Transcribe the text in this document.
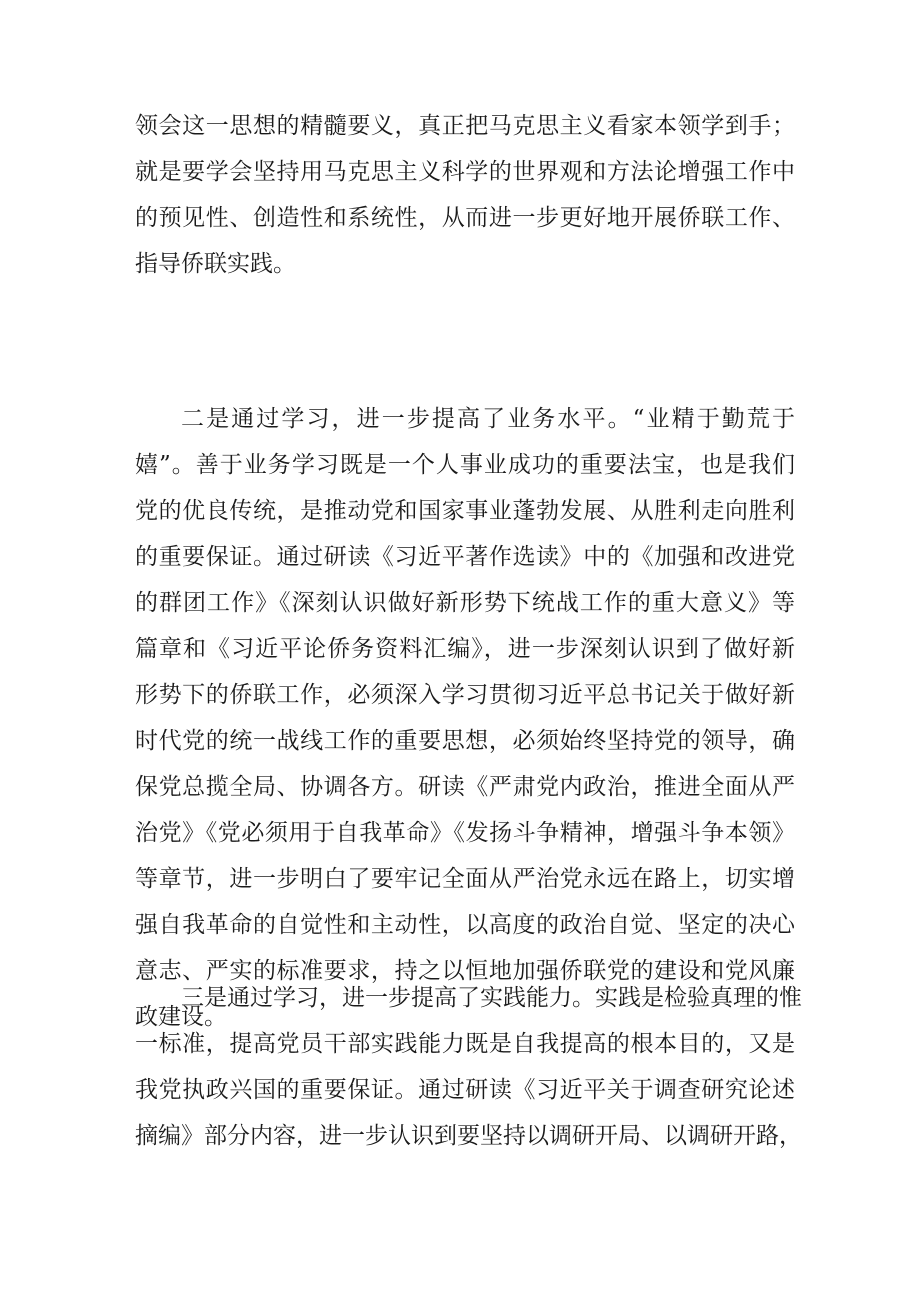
领会这一思想的精髓要义，真正把马克思主义看家本领学到手；
就是要学会坚持用马克思主义科学的世界观和方法论增强工作中
的预见性、创造性和系统性，从而进一步更好地开展侨联工作、
指导侨联实践。
二是通过学习，进一步提高了业务水平。“业精于勤荒于
嬉”。善于业务学习既是一个人事业成功的重要法宝，也是我们
党的优良传统，是推动党和国家事业蓬勃发展、从胜利走向胜利
的重要保证。通过研读《习近平著作选读》中的《加强和改进党
的群团工作》《深刻认识做好新形势下统战工作的重大意义》等
篇章和《习近平论侨务资料汇编》，进一步深刻认识到了做好新
形势下的侨联工作，必须深入学习贯彻习近平总书记关于做好新
时代党的统一战线工作的重要思想，必须始终坚持党的领导，确
保党总揽全局、协调各方。研读《严肃党内政治，推进全面从严
治党》《党必须用于自我革命》《发扬斗争精神，增强斗争本领》
等章节，进一步明白了要牢记全面从严治党永远在路上，切实增
强自我革命的自觉性和主动性，以高度的政治自觉、坚定的决心
意志、严实的标准要求，持之以恒地加强侨联党的建设和党风廉
政建设。
三是通过学习，进一步提高了实践能力。实践是检验真理的惟
一标准，提高党员干部实践能力既是自我提高的根本目的，又是
我党执政兴国的重要保证。通过研读《习近平关于调查研究论述
摘编》部分内容，进一步认识到要坚持以调研开局、以调研开路，
